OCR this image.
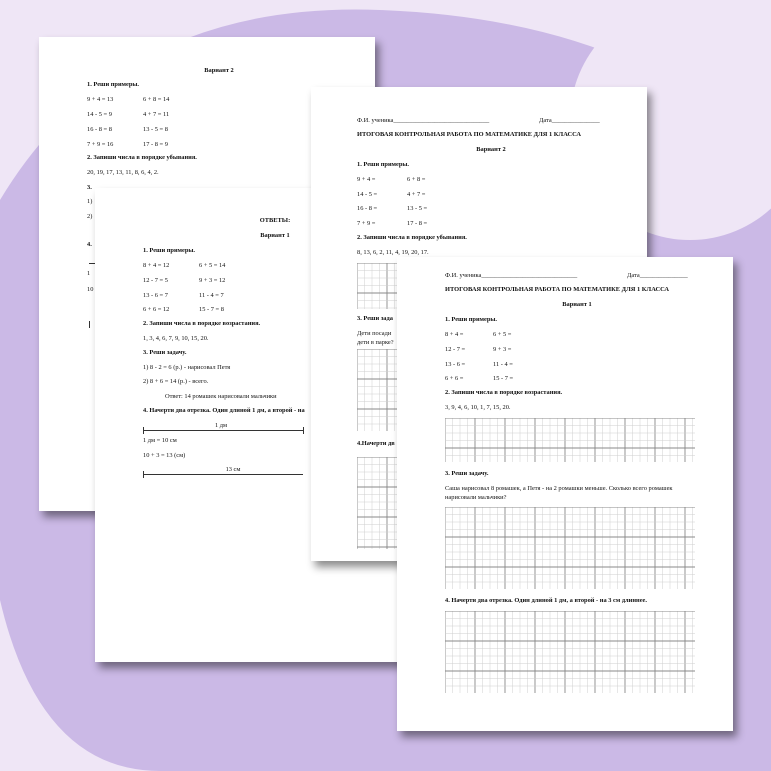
Вариант 2
1. Реши примеры.
9 + 4 = 13	6 + 8 = 14
14 - 5 = 9	4 + 7 = 11
16 - 8 = 8	13 - 5 = 8
7 + 9 = 16	17 - 8 = 9
2. Запиши числа в порядке убывания.
20, 19, 17, 13, 11, 8, 6, 4, 2.
3.
1)
2)
4.
1
10
ОТВЕТЫ:
Вариант 1
1. Реши примеры.
8 + 4 = 12	6 + 5 = 14
12 - 7 = 5	9 + 3 = 12
13 - 6 = 7	11 - 4 = 7
6 + 6 = 12	15 - 7 = 8
2. Запиши числа в порядке возрастания.
1, 3, 4, 6, 7, 9, 10, 15, 20.
3. Реши задачу.
1) 8 - 2 = 6 (р.) - нарисовал Петя
2) 8 + 6 = 14 (р.) - всего.
Ответ: 14 ромашек нарисовали мальчики
4. Начерти два отрезка. Один длиной 1 дм, а второй - на
1 дм
1 дм = 10 см
10 + 3 = 13 (см)
13 см
Ф.И. ученика______________________________	Дата_______________
ИТОГОВАЯ КОНТРОЛЬНАЯ РАБОТА ПО МАТЕМАТИКЕ ДЛЯ 1 КЛАССА
Вариант 2
1. Реши примеры.
9 + 4 =	6 + 8 =
14 - 5 =	4 + 7 =
16 - 8 =	13 - 5 =
7 + 9 =	17 - 8 =
2. Запиши числа в порядке убывания.
8, 13, 6, 2, 11, 4, 19, 20, 17.
3. Реши зада
Дети посади
дети в парке?
4.Начерти дв
Ф.И. ученика______________________________	Дата_______________
ИТОГОВАЯ КОНТРОЛЬНАЯ РАБОТА ПО МАТЕМАТИКЕ ДЛЯ 1 КЛАССА
Вариант 1
1. Реши примеры.
8 + 4 =	6 + 5 =
12 - 7 =	9 + 3 =
13 - 6 =	11 - 4 =
6 + 6 =	15 - 7 =
2. Запиши числа в порядке возрастания.
3, 9, 4, 6, 10, 1, 7, 15, 20.
3. Реши задачу.
Саша нарисовал 8 ромашек, а Петя - на 2 ромашки меньше. Сколько всего ромашек
нарисовали мальчики?
4. Начерти два отрезка. Один длиной 1 дм, а второй - на 3 см длиннее.
